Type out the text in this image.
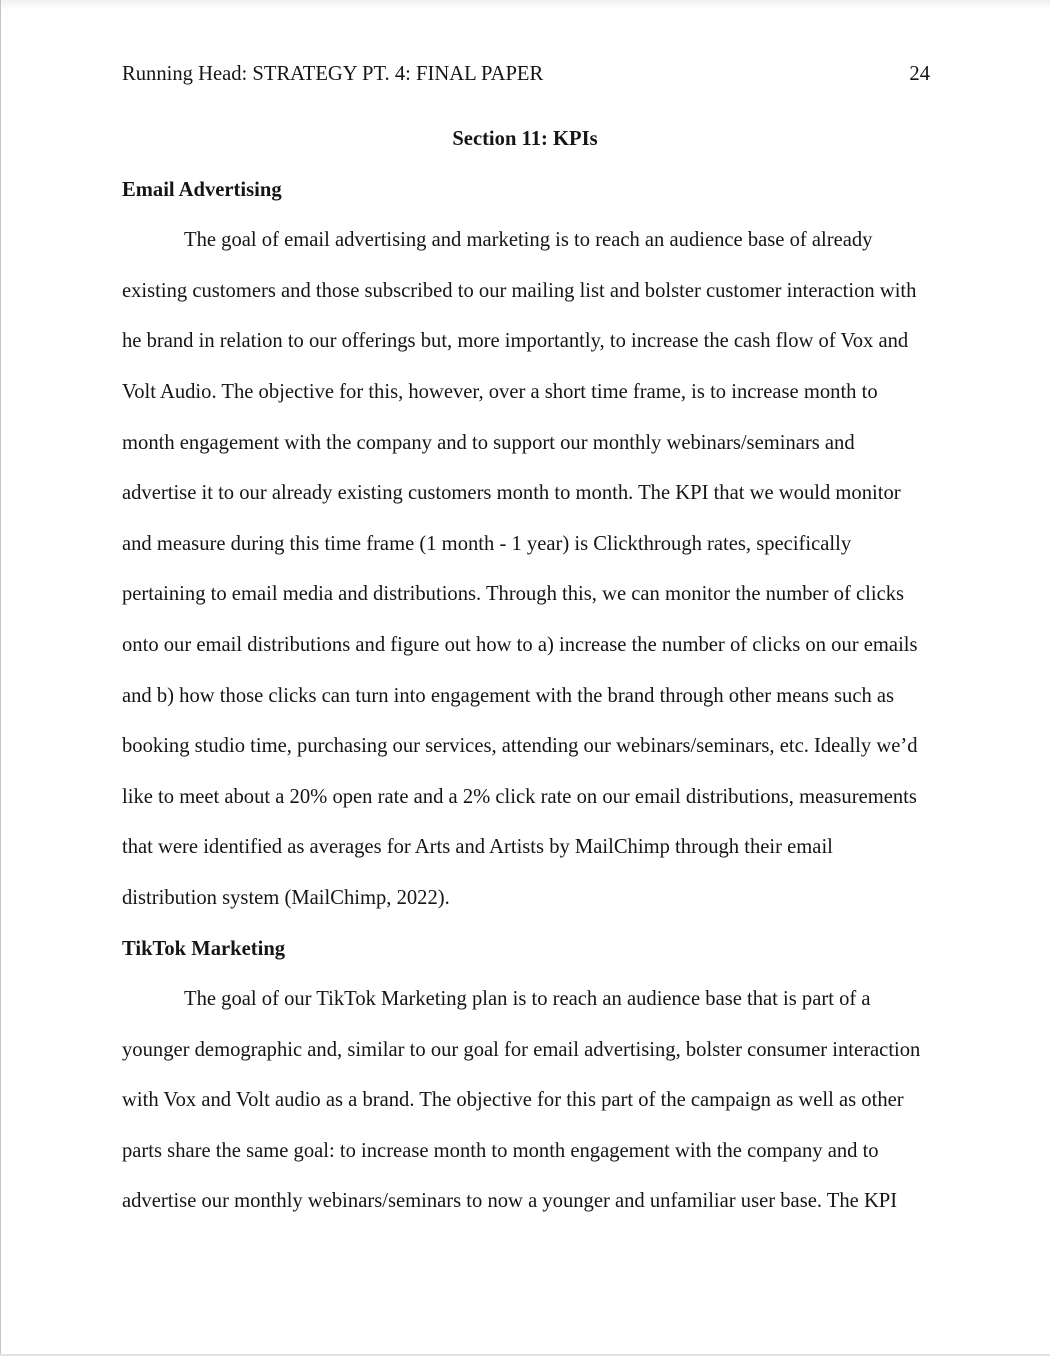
Running Head: STRATEGY PT. 4: FINAL PAPER	24
Section 11: KPIs
Email Advertising
The goal of email advertising and marketing is to reach an audience base of already
existing customers and those subscribed to our mailing list and bolster customer interaction with
he brand in relation to our offerings but, more importantly, to increase the cash flow of Vox and
Volt Audio. The objective for this, however, over a short time frame, is to increase month to
month engagement with the company and to support our monthly webinars/seminars and
advertise it to our already existing customers month to month. The KPI that we would monitor
and measure during this time frame (1 month - 1 year) is Clickthrough rates, specifically
pertaining to email media and distributions. Through this, we can monitor the number of clicks
onto our email distributions and figure out how to a) increase the number of clicks on our emails
and b) how those clicks can turn into engagement with the brand through other means such as
booking studio time, purchasing our services, attending our webinars/seminars, etc. Ideally we’d
like to meet about a 20% open rate and a 2% click rate on our email distributions, measurements
that were identified as averages for Arts and Artists by MailChimp through their email
distribution system (MailChimp, 2022).
TikTok Marketing
The goal of our TikTok Marketing plan is to reach an audience base that is part of a
younger demographic and, similar to our goal for email advertising, bolster consumer interaction
with Vox and Volt audio as a brand. The objective for this part of the campaign as well as other
parts share the same goal: to increase month to month engagement with the company and to
advertise our monthly webinars/seminars to now a younger and unfamiliar user base. The KPI
